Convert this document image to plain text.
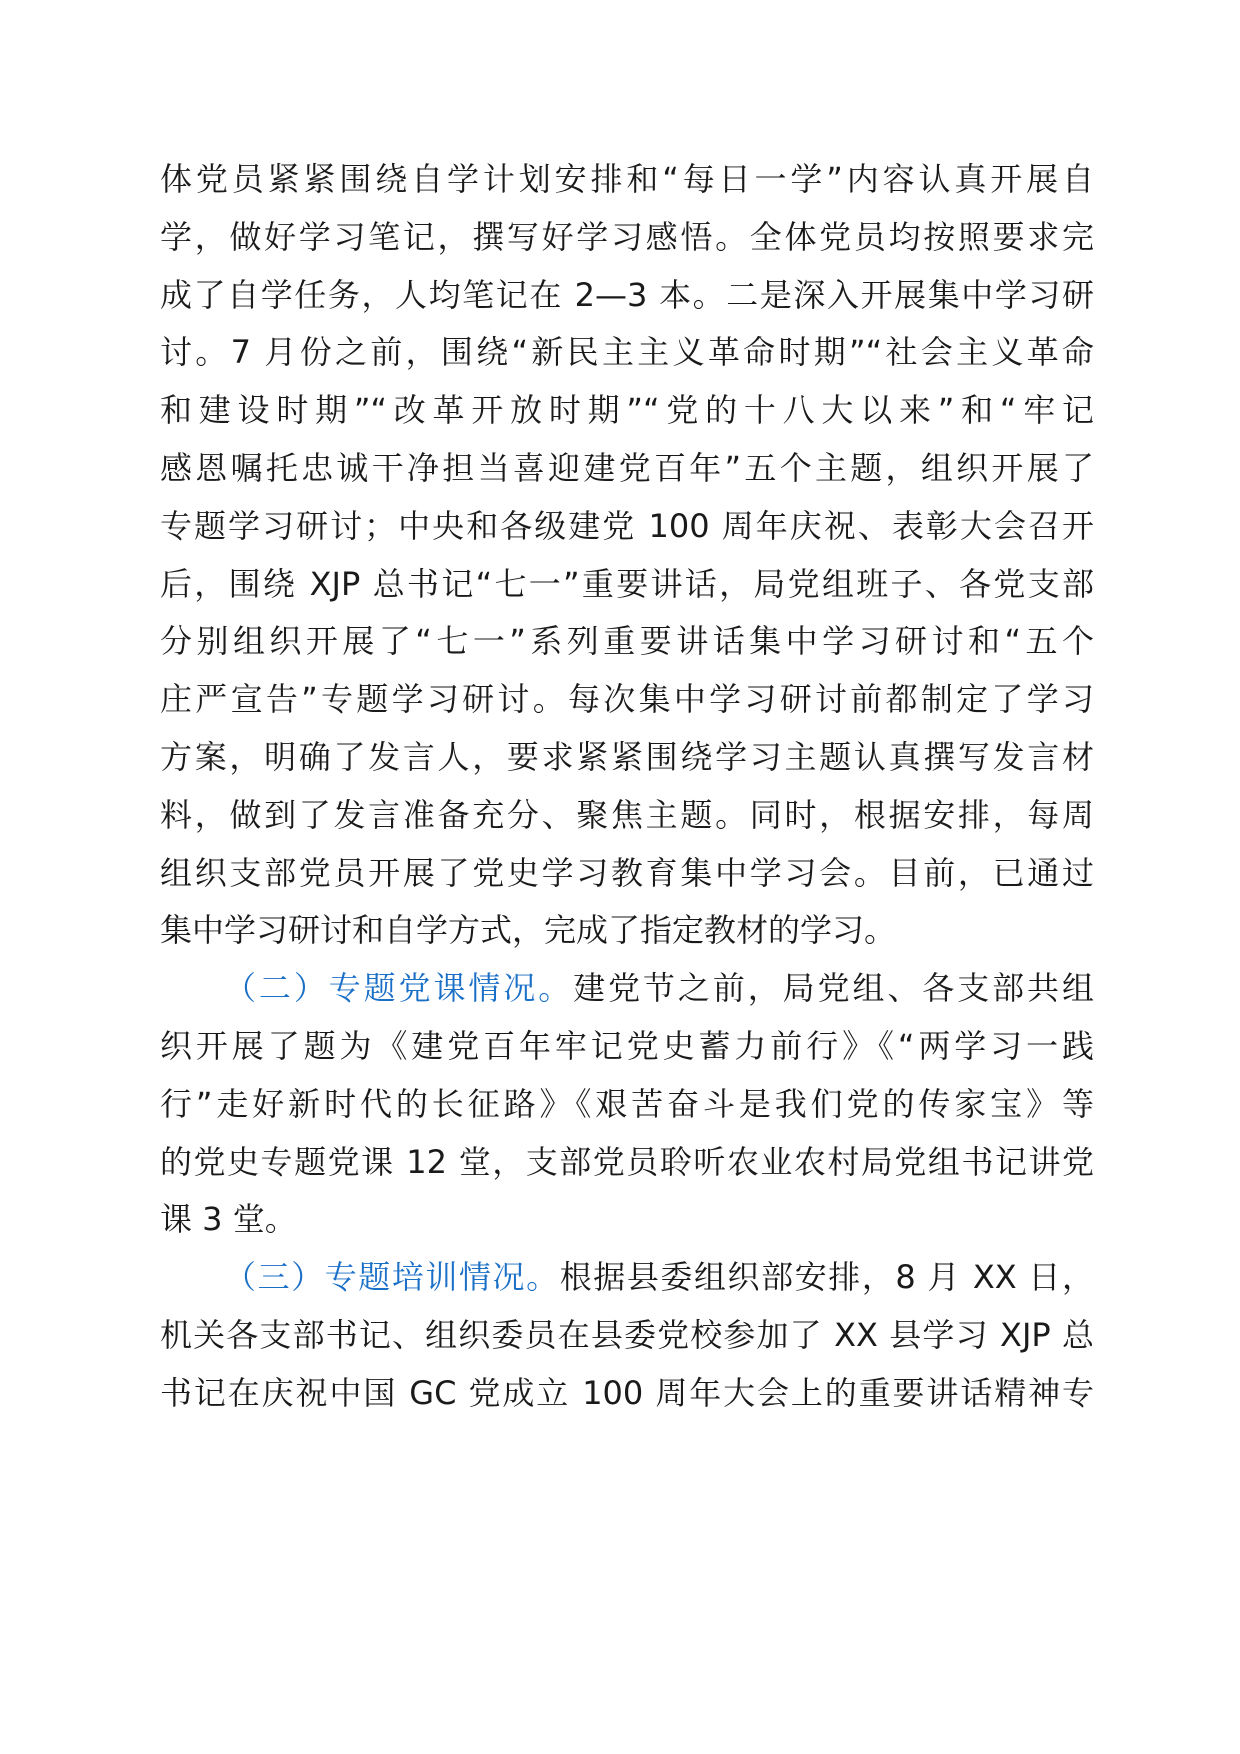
体党员紧紧围绕自学计划安排和“每日一学”内容认真开展自
学，做好学习笔记，撰写好学习感悟。全体党员均按照要求完
成了自学任务，人均笔记在 2—3 本。二是深入开展集中学习研
讨。7 月份之前，围绕“新民主主义革命时期”“社会主义革命
和建设时期”“改革开放时期”“党的十八大以来”和“牢记
感恩嘱托忠诚干净担当喜迎建党百年”五个主题，组织开展了
专题学习研讨；中央和各级建党 100 周年庆祝、表彰大会召开
后，围绕 XJP 总书记“七一”重要讲话，局党组班子、各党支部
分别组织开展了“七一”系列重要讲话集中学习研讨和“五个
庄严宣告”专题学习研讨。每次集中学习研讨前都制定了学习
方案，明确了发言人，要求紧紧围绕学习主题认真撰写发言材
料，做到了发言准备充分、聚焦主题。同时，根据安排，每周
组织支部党员开展了党史学习教育集中学习会。目前，已通过
集中学习研讨和自学方式，完成了指定教材的学习。
（二）专题党课情况。建党节之前，局党组、各支部共组
织开展了题为《建党百年牢记党史蓄力前行》《“两学习一践
行”走好新时代的长征路》《艰苦奋斗是我们党的传家宝》等
的党史专题党课 12 堂，支部党员聆听农业农村局党组书记讲党
课 3 堂。
（三）专题培训情况。根据县委组织部安排，8 月 XX 日，
机关各支部书记、组织委员在县委党校参加了 XX 县学习 XJP 总
书记在庆祝中国 GC 党成立 100 周年大会上的重要讲话精神专
